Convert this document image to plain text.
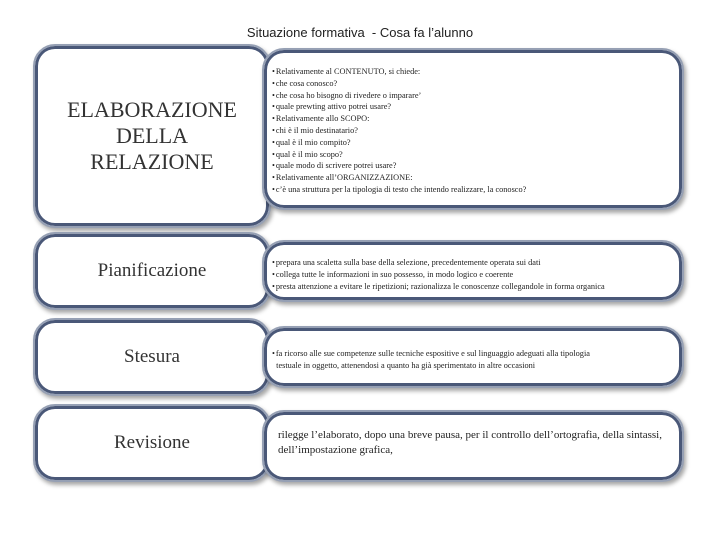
Situazione formativa  - Cosa fa l’alunno
ELABORAZIONE
DELLA
RELAZIONE
• Relativamente al CONTENUTO, si chiede:
• che cosa conosco?
• che cosa ho bisogno di rivedere o imparare’
• quale prewting attivo potrei usare?
• Relativamente allo SCOPO:
• chi è il mio destinatario?
• qual è il mio compito?
• qual è il mio scopo?
• quale modo di scrivere potrei usare?
• Relativamente all’ORGANIZZAZIONE:
• c’è una struttura per la tipologia di testo che intendo realizzare, la conosco?
Pianificazione	• prepara una scaletta sulla base della selezione, precedentemente operata sui dati
• collega tutte le informazioni in suo possesso, in modo logico e coerente
• presta attenzione a evitare le ripetizioni; razionalizza le conoscenze collegandole in forma organica
Stesura	• fa ricorso alle sue competenze sulle tecniche espositive e sul linguaggio adeguati alla tipologia
testuale in oggetto, attenendosi a quanto ha già sperimentato in altre occasioni
Revisione	rilegge l’elaborato, dopo una breve pausa, per il controllo dell’ortografia, della sintassi, dell’impostazione grafica,
